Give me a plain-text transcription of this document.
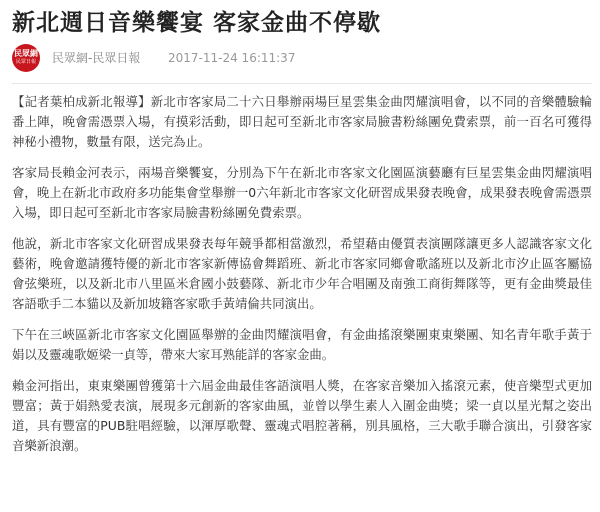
新北週日音樂饗宴 客家金曲不停歇
民眾網
民眾日報	民眾網-民眾日報 2017-11-24 16:11:37

【記者葉柏成新北報導】新北市客家局二十六日舉辦兩場巨星雲集金曲閃耀演唱會，以不同的音樂體驗輪番上陣，晚會需憑票入場，有摸彩活動，即日起可至新北市客家局臉書粉絲團免費索票，前一百名可獲得神秘小禮物，數量有限，送完為止。

客家局長賴金河表示，兩場音樂饗宴，分別為下午在新北市客家文化園區演藝廳有巨星雲集金曲閃耀演唱會，晚上在新北市政府多功能集會堂舉辦一0六年新北市客家文化研習成果發表晚會，成果發表晚會需憑票入場，即日起可至新北市客家局臉書粉絲團免費索票。

他說，新北市客家文化研習成果發表每年競爭都相當激烈，希望藉由優質表演團隊讓更多人認識客家文化藝術，晚會邀請獲特優的新北市客家新傳協會舞蹈班、新北市客家同鄉會歌謠班以及新北市汐止區客屬協會弦樂班，以及新北市八里區米倉國小鼓藝隊、新北市少年合唱團及南強工商街舞隊等，更有金曲獎最佳客語歌手二本貓以及新加坡籍客家歌手黃靖倫共同演出。

下午在三峽區新北市客家文化園區舉辦的金曲閃耀演唱會，有金曲搖滾樂團東東樂團、知名青年歌手黃于娟以及靈魂歌姬梁一貞等，帶來大家耳熟能詳的客家金曲。

賴金河指出，東東樂團曾獲第十六屆金曲最佳客語演唱人獎，在客家音樂加入搖滾元素，使音樂型式更加豐富；黃于娟熱愛表演，展現多元創新的客家曲風，並曾以學生素人入圍金曲獎；梁一貞以星光幫之姿出道，具有豐富的PUB駐唱經驗，以渾厚歌聲、靈魂式唱腔著稱，別具風格，三大歌手聯合演出，引發客家音樂新浪潮。
